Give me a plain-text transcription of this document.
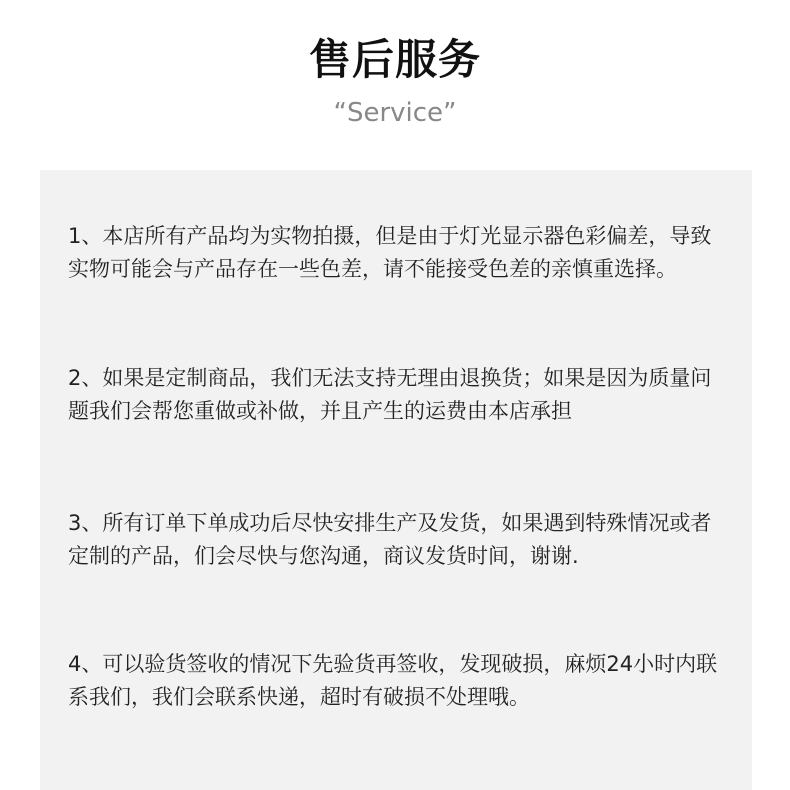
售后服务
“Service”

1、本店所有产品均为实物拍摄，但是由于灯光显示器色彩偏差，导致实物可能会与产品存在一些色差，请不能接受色差的亲慎重选择。

2、如果是定制商品，我们无法支持无理由退换货；如果是因为质量问题我们会帮您重做或补做，并且产生的运费由本店承担

3、所有订单下单成功后尽快安排生产及发货，如果遇到特殊情况或者定制的产品，们会尽快与您沟通，商议发货时间，谢谢.

4、可以验货签收的情况下先验货再签收，发现破损，麻烦24小时内联系我们，我们会联系快递，超时有破损不处理哦。
